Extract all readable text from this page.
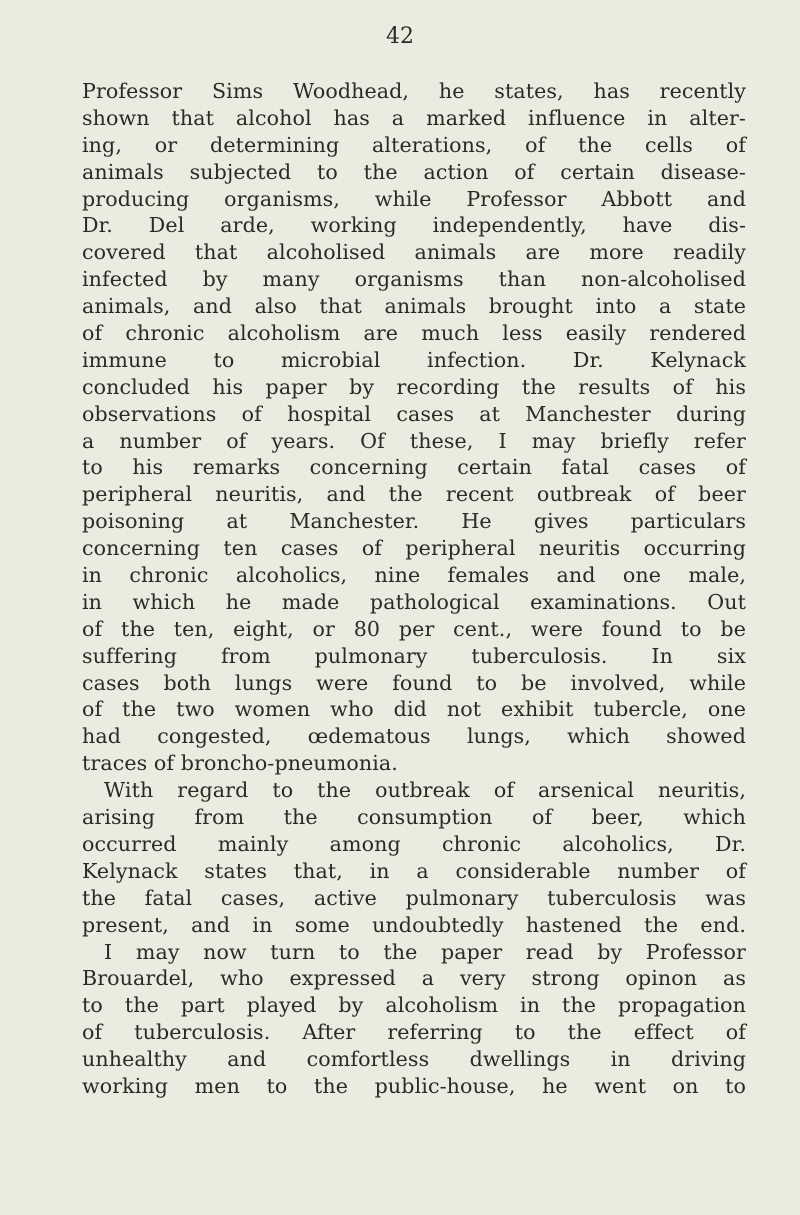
42
Professor Sims Woodhead, he states, has recently
shown that alcohol has a marked influence in alter-
ing, or determining alterations, of the cells of
animals subjected to the action of certain disease-
producing organisms, while Professor Abbott and
Dr. Del arde, working independently, have dis-
covered that alcoholised animals are more readily
infected by many organisms than non-alcoholised
animals, and also that animals brought into a state
of chronic alcoholism are much less easily rendered
immune to microbial infection. Dr. Kelynack
concluded his paper by recording the results of his
observations of hospital cases at Manchester during
a number of years. Of these, I may briefly refer
to his remarks concerning certain fatal cases of
peripheral neuritis, and the recent outbreak of beer
poisoning at Manchester. He gives particulars
concerning ten cases of peripheral neuritis occurring
in chronic alcoholics, nine females and one male,
in which he made pathological examinations. Out
of the ten, eight, or 80 per cent., were found to be
suffering from pulmonary tuberculosis. In six
cases both lungs were found to be involved, while
of the two women who did not exhibit tubercle, one
had congested, œdematous lungs, which showed
traces of broncho-pneumonia.
With regard to the outbreak of arsenical neuritis,
arising from the consumption of beer, which
occurred mainly among chronic alcoholics, Dr.
Kelynack states that, in a considerable number of
the fatal cases, active pulmonary tuberculosis was
present, and in some undoubtedly hastened the end.
I may now turn to the paper read by Professor
Brouardel, who expressed a very strong opinon as
to the part played by alcoholism in the propagation
of tuberculosis. After referring to the effect of
unhealthy and comfortless dwellings in driving
working men to the public-house, he went on to
